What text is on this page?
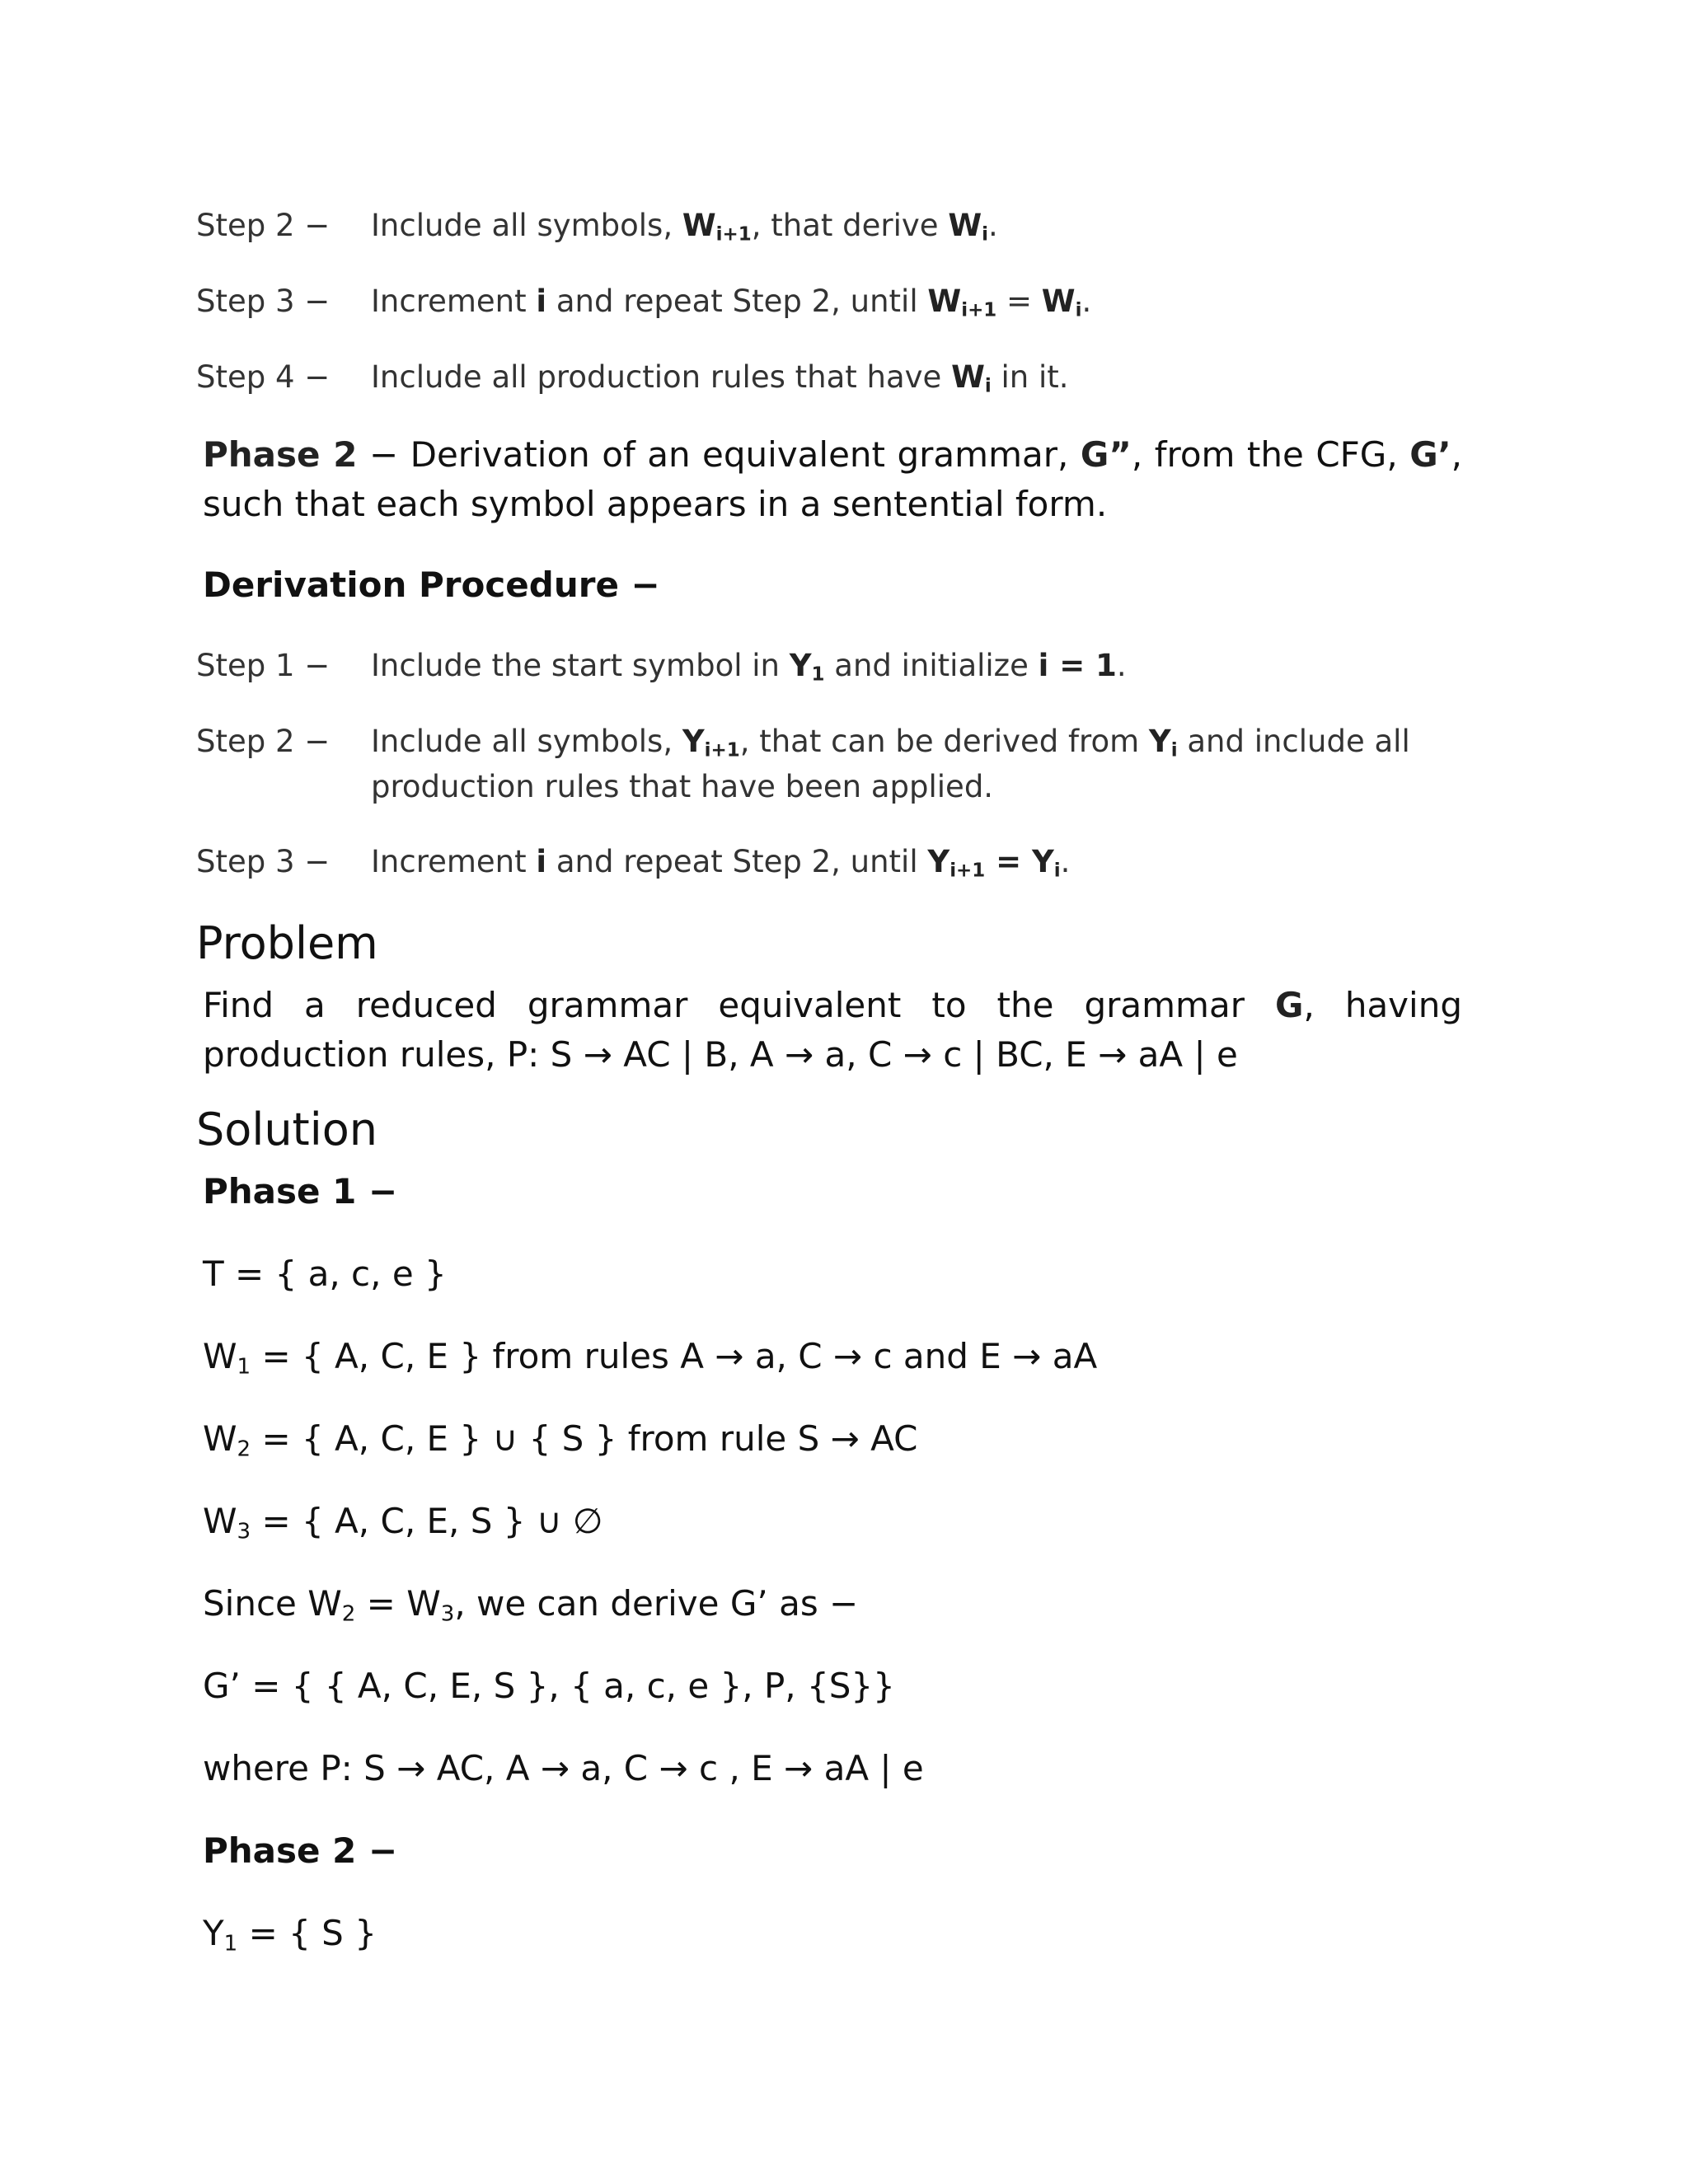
Step 2 −	Include all symbols, $W_{i+1}$, that derive $W_i$.
Step 3 −	Increment i and repeat Step 2, until $W_{i+1} = W_i$.
Step 4 −	Include all production rules that have $W_i$ in it.
Phase 2 − Derivation of an equivalent grammar, G”, from the CFG, G’, such that each symbol appears in a sentential form.
Derivation Procedure −
Step 1 −	Include the start symbol in $Y_1$ and initialize i = 1.
Step 2 −	Include all symbols, $Y_{i+1}$, that can be derived from $Y_i$ and include all production rules that have been applied.
Step 3 −	Increment i and repeat Step 2, until $Y_{i+1} = Y_i$.
Problem
Find a reduced grammar equivalent to the grammar G, having production rules, P: S → AC | B, A → a, C → c | BC, E → aA | e
Solution
Phase 1 −
T = { a, c, e }
$W_1$ = { A, C, E } from rules A → a, C → c and E → aA
$W_2$ = { A, C, E } ∪ { S } from rule S → AC
$W_3$ = { A, C, E, S } ∪ ∅
Since $W_2 = W_3$, we can derive G’ as −
G’ = { { A, C, E, S }, { a, c, e }, P, {S}}
where P: S → AC, A → a, C → c , E → aA | e
Phase 2 −
$Y_1$ = { S }
